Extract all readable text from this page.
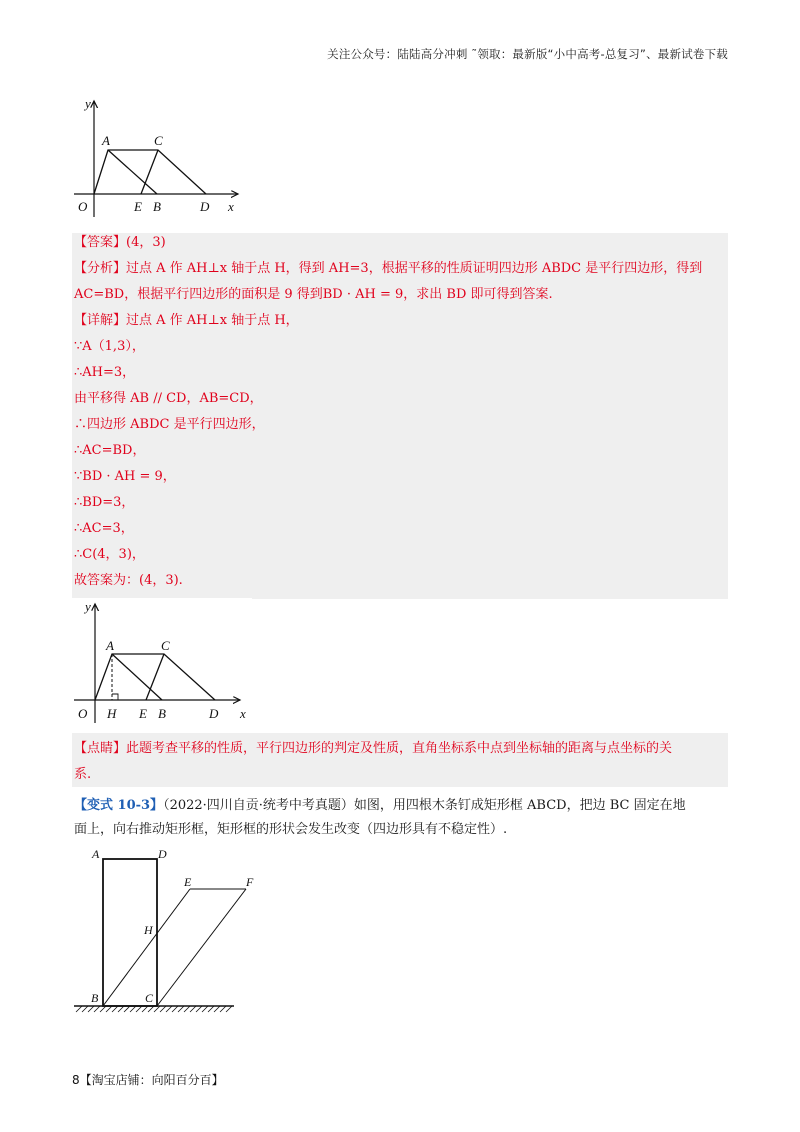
关注公众号：陆陆高分冲刺 ˜领取：最新版“小中高考-总复习”、最新试卷下载
y
A	C
O	E B	D x
【答案】(4，3)
【分析】过点 A 作 AH⊥x 轴于点 H，得到 AH=3，根据平移的性质证明四边形 ABDC 是平行四边形，得到
AC=BD，根据平行四边形的面积是 9 得到BD · AH = 9，求出 BD 即可得到答案.
【详解】过点 A 作 AH⊥x 轴于点 H，
∵A（1,3），
∴AH=3，
由平移得 AB // CD，AB=CD，
∴四边形 ABDC 是平行四边形，
∴AC=BD，
∵BD · AH = 9，
∴BD=3，
∴AC=3，
∴C(4，3)，
故答案为：(4，3).
y
A	C
O H E B	D x
【点睛】此题考查平移的性质，平行四边形的判定及性质，直角坐标系中点到坐标轴的距离与点坐标的关
系.
【变式 10-3】（2022·四川自贡·统考中考真题）如图，用四根木条钉成矩形框 ABCD，把边 BC 固定在地
面上，向右推动矩形框，矩形框的形状会发生改变（四边形具有不稳定性）.
A	D
E	F
H
B	C
8【淘宝店铺：向阳百分百】
